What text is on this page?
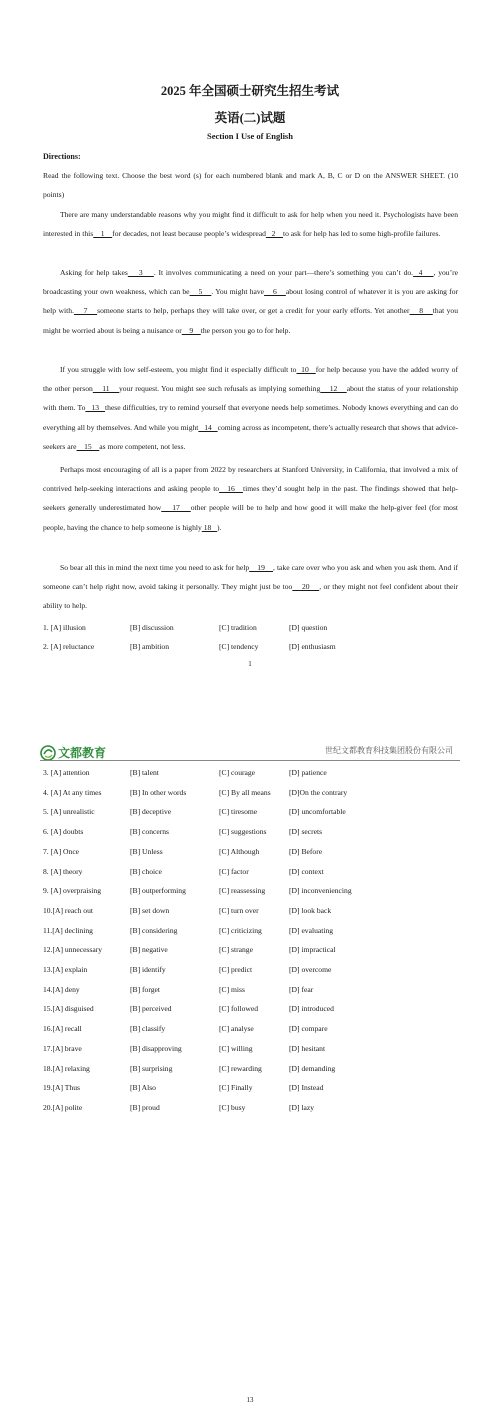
2025 年全国硕士研究生招生考试
英语(二)试题
Section I Use of English
Directions:
Read the following text. Choose the best word (s) for each numbered blank and mark A, B, C or D on the ANSWER SHEET. (10 points)
There are many understandable reasons why you might find it difficult to ask for help when you need it. Psychologists have been interested in this    1    for decades, not least because people’s widespread   2    to ask for help has led to some high-profile failures.
Asking for help takes    3    . It involves communicating a need on your part—there’s something you can’t do.  4    , you’re broadcasting your own weakness, which can be    5    . You might have    6    about losing control of whatever it is you are asking for help with.    7    someone starts to help, perhaps they will take over, or get a credit for your early efforts. Yet another    8    that you might be worried about is being a nuisance or    9    the person you go to for help.
If you struggle with low self-esteem, you might find it especially difficult to  10   for help because you have the added worry of the other person    11    your request. You might see such refusals as implying something    12    about the status of your relationship with them. To   13   these difficulties, try to remind yourself that everyone needs help sometimes. Nobody knows everything and can do everything all by themselves. And while you might   14   coming across as incompetent, there’s actually research that shows that advice-seekers are    15    as more competent, not less.
Perhaps most encouraging of all is a paper from 2022 by researchers at Stanford University, in California, that involved a mix of contrived help-seeking interactions and asking people to   16   times they’d sought help in the past. The findings showed that help-seekers generally underestimated how    17    other people will be to help and how good it will make the help-giver feel (for most people, having the chance to help someone is highly 18   ).
So bear all this in mind the next time you need to ask for help    19    , take care over who you ask and when you ask them. And if someone can’t help right now, avoid taking it personally. They might just be too    20    , or they might not feel confident about their ability to help.
1. [A] illusion	[B] discussion	[C] tradition	[D] question
2. [A] reluctance	[B] ambition	[C] tendency	[D] enthusiasm
1
文都教育	世纪文都教育科技集团股份有限公司
3. [A] attention	[B] talent	[C] courage	[D] patience
4. [A] At any times	[B] In other words	[C] By all means [D]On the contrary
5. [A] unrealistic	[B] deceptive	[C] tiresome	[D] uncomfortable
6. [A] doubts	[B] concerns	[C] suggestions	[D] secrets
7. [A] Once	[B] Unless	[C] Although	[D] Before
8. [A] theory	[B] choice	[C] factor	[D] context
9. [A] overpraising	[B] outperforming	[C] reassessing	[D] inconveniencing
10.[A] reach out	[B] set down	[C] turn over	[D] look back
11.[A] declining	[B] considering	[C] criticizing	[D] evaluating
12.[A] unnecessary	[B] negative	[C] strange	[D] impractical
13.[A] explain	[B] identify	[C] predict	[D] overcome
14.[A] deny	[B] forget	[C] miss	[D] fear
15.[A] disguised	[B] perceived	[C] followed	[D] introduced
16.[A] recall	[B] classify	[C] analyse	[D] compare
17.[A] brave	[B] disapproving	[C] willing	[D] hesitant
18.[A] relaxing	[B] surprising	[C] rewarding	[D] demanding
19.[A] Thus	[B] Also	[C] Finally	[D] Instead
20.[A] polite	[B] proud	[C] busy	[D] lazy
13
